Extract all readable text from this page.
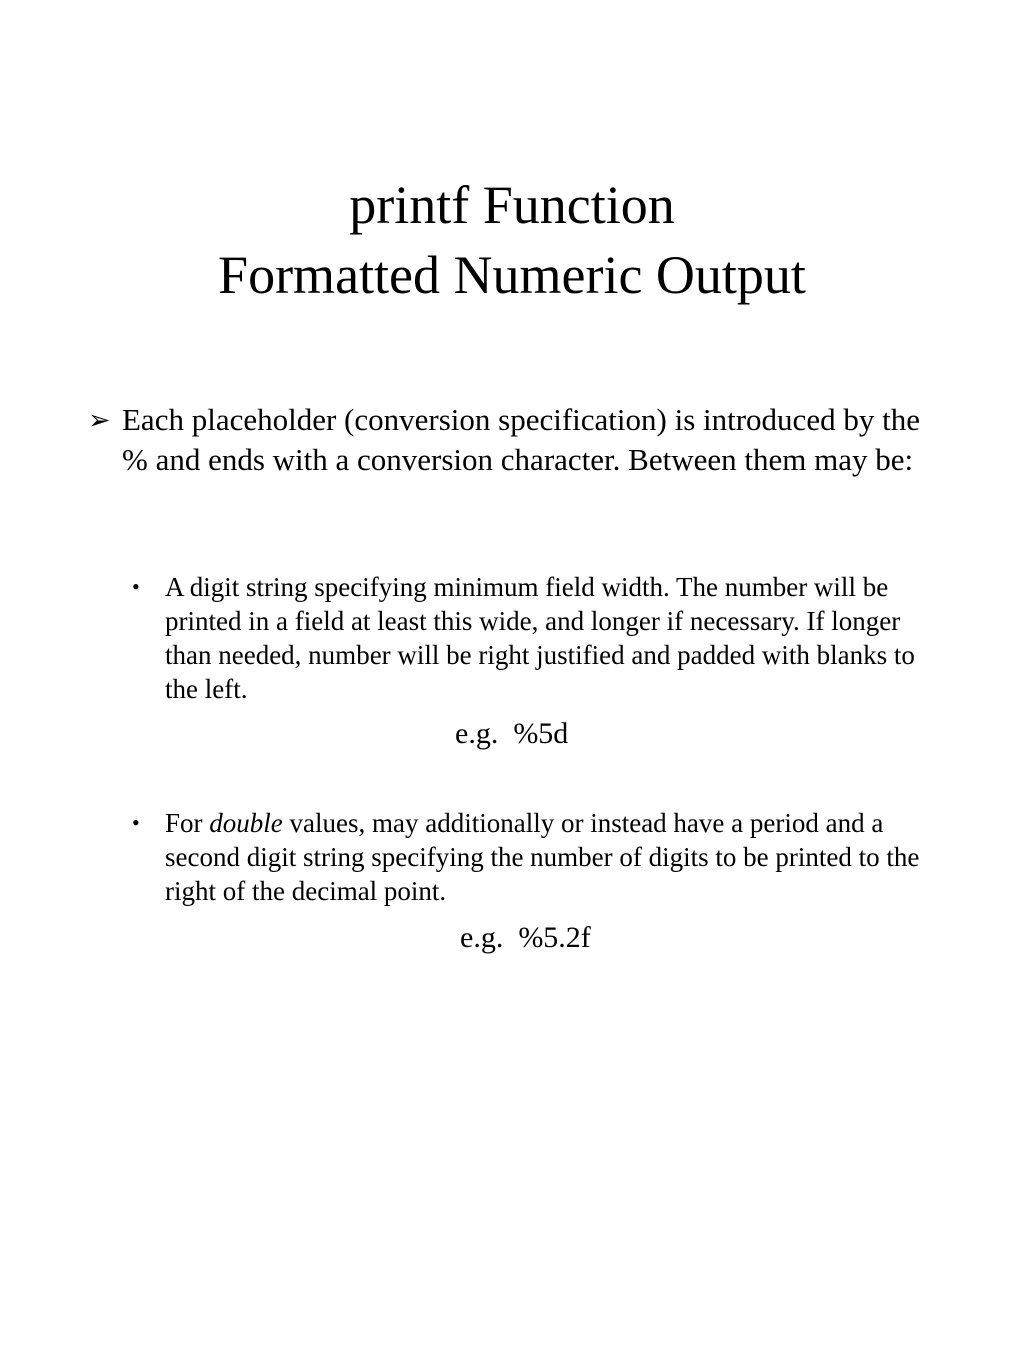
printf Function
Formatted Numeric Output
➢ Each placeholder (conversion specification) is introduced by the % and ends with a conversion character. Between them may be:
• A digit string specifying minimum field width. The number will be printed in a field at least this wide, and longer if necessary. If longer than needed, number will be right justified and padded with blanks to the left.
e.g.  %5d
• For double values, may additionally or instead have a period and a second digit string specifying the number of digits to be printed to the right of the decimal point.
e.g.  %5.2f
